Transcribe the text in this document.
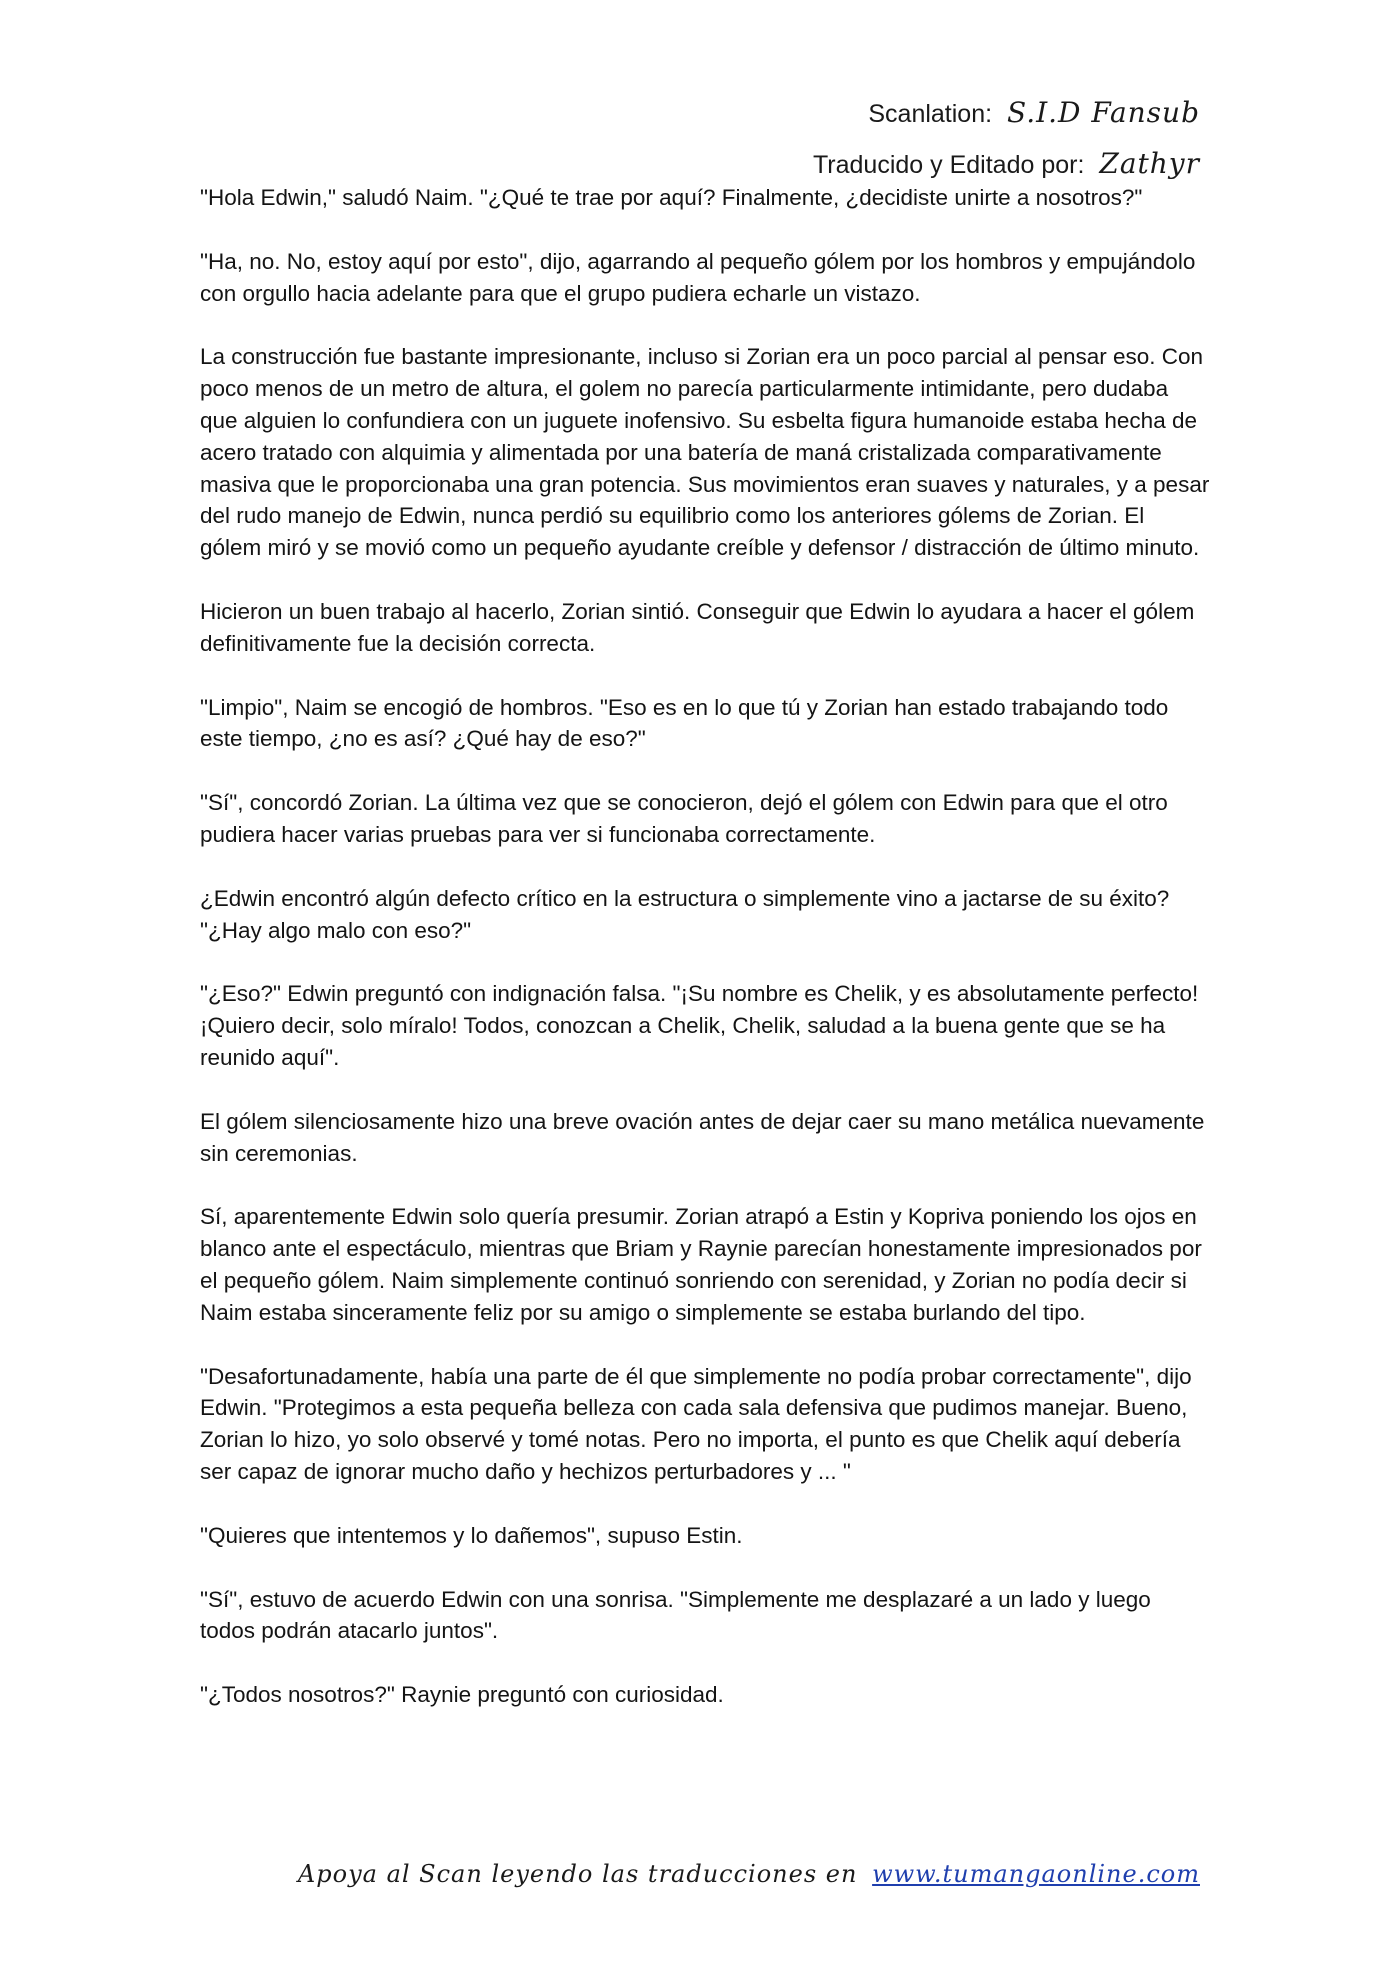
Scanlation: S.I.D Fansub
Traducido y Editado por: Zathyr

"Hola Edwin," saludó Naim. "¿Qué te trae por aquí? Finalmente, ¿decidiste unirte a nosotros?"

"Ha, no. No, estoy aquí por esto", dijo, agarrando al pequeño gólem por los hombros y empujándolo con orgullo hacia adelante para que el grupo pudiera echarle un vistazo.

La construcción fue bastante impresionante, incluso si Zorian era un poco parcial al pensar eso. Con poco menos de un metro de altura, el golem no parecía particularmente intimidante, pero dudaba que alguien lo confundiera con un juguete inofensivo. Su esbelta figura humanoide estaba hecha de acero tratado con alquimia y alimentada por una batería de maná cristalizada comparativamente masiva que le proporcionaba una gran potencia. Sus movimientos eran suaves y naturales, y a pesar del rudo manejo de Edwin, nunca perdió su equilibrio como los anteriores gólems de Zorian. El gólem miró y se movió como un pequeño ayudante creíble y defensor / distracción de último minuto.

Hicieron un buen trabajo al hacerlo, Zorian sintió. Conseguir que Edwin lo ayudara a hacer el gólem definitivamente fue la decisión correcta.

"Limpio", Naim se encogió de hombros. "Eso es en lo que tú y Zorian han estado trabajando todo este tiempo, ¿no es así? ¿Qué hay de eso?"

"Sí", concordó Zorian. La última vez que se conocieron, dejó el gólem con Edwin para que el otro pudiera hacer varias pruebas para ver si funcionaba correctamente.

¿Edwin encontró algún defecto crítico en la estructura o simplemente vino a jactarse de su éxito? "¿Hay algo malo con eso?"

"¿Eso?" Edwin preguntó con indignación falsa. "¡Su nombre es Chelik, y es absolutamente perfecto! ¡Quiero decir, solo míralo! Todos, conozcan a Chelik, Chelik, saludad a la buena gente que se ha reunido aquí".

El gólem silenciosamente hizo una breve ovación antes de dejar caer su mano metálica nuevamente sin ceremonias.

Sí, aparentemente Edwin solo quería presumir. Zorian atrapó a Estin y Kopriva poniendo los ojos en blanco ante el espectáculo, mientras que Briam y Raynie parecían honestamente impresionados por el pequeño gólem. Naim simplemente continuó sonriendo con serenidad, y Zorian no podía decir si Naim estaba sinceramente feliz por su amigo o simplemente se estaba burlando del tipo.

"Desafortunadamente, había una parte de él que simplemente no podía probar correctamente", dijo Edwin. "Protegimos a esta pequeña belleza con cada sala defensiva que pudimos manejar. Bueno, Zorian lo hizo, yo solo observé y tomé notas. Pero no importa, el punto es que Chelik aquí debería ser capaz de ignorar mucho daño y hechizos perturbadores y ... "

"Quieres que intentemos y lo dañemos", supuso Estin.

"Sí", estuvo de acuerdo Edwin con una sonrisa. "Simplemente me desplazaré a un lado y luego todos podrán atacarlo juntos".

"¿Todos nosotros?" Raynie preguntó con curiosidad.

Apoya al Scan leyendo las traducciones en www.tumangaonline.com
